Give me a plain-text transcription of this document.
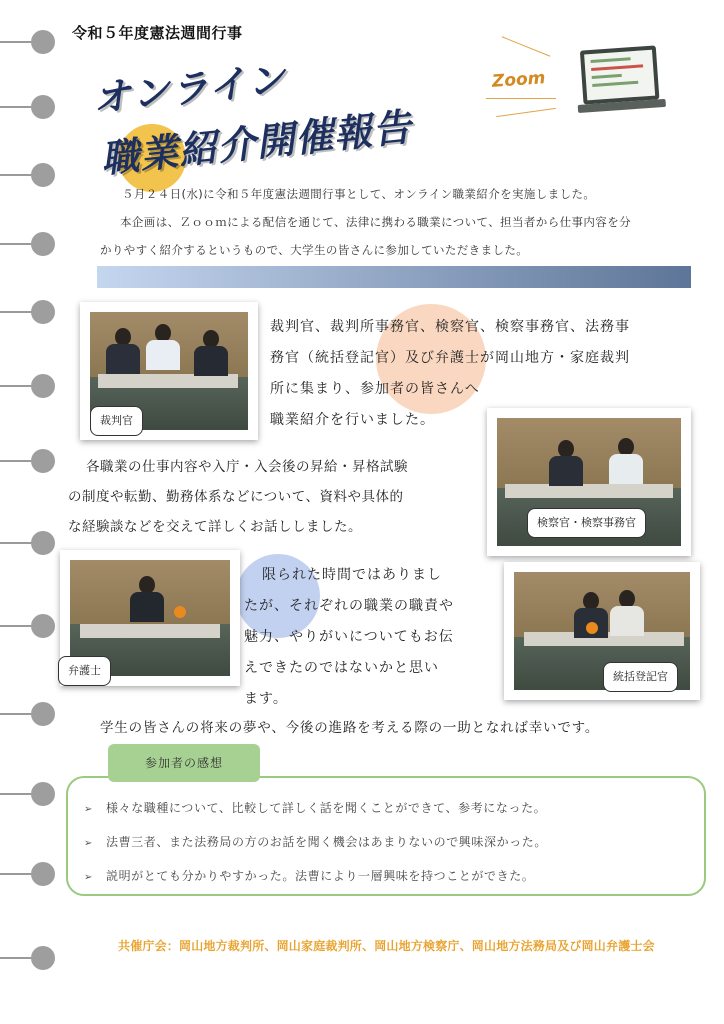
令和５年度憲法週間行事
オンライン
職業紹介開催報告
Zoom

５月２４日(水)に令和５年度憲法週間行事として、オンライン職業紹介を実施しました。

本企画は、Ｚｏｏｍによる配信を通じて、法律に携わる職業について、担当者から仕事内容を分

かりやすく紹介するというもので、大学生の皆さんに参加していただきました。

裁判官
裁判官、裁判所事務官、検察官、検察事務官、法務事
務官（統括登記官）及び弁護士が岡山地方・家庭裁判
所に集まり、参加者の皆さんへ
職業紹介を行いました。
検察官・検察事務官
各職業の仕事内容や入庁・入会後の昇給・昇格試験
の制度や転勤、勤務体系などについて、資料や具体的
な経験談などを交えて詳しくお話ししました。
弁護士
限られた時間ではありまし
たが、それぞれの職業の職責や
魅力、やりがいについてもお伝
えできたのではないかと思い
ます。
統括登記官
学生の皆さんの将来の夢や、今後の進路を考える際の一助となれば幸いです。
参加者の感想
➢ 様々な職種について、比較して詳しく話を聞くことができて、参考になった。
➢ 法曹三者、また法務局の方のお話を聞く機会はあまりないので興味深かった。
➢ 説明がとても分かりやすかった。法曹により一層興味を持つことができた。
共催庁会：岡山地方裁判所、岡山家庭裁判所、岡山地方検察庁、岡山地方法務局及び岡山弁護士会
